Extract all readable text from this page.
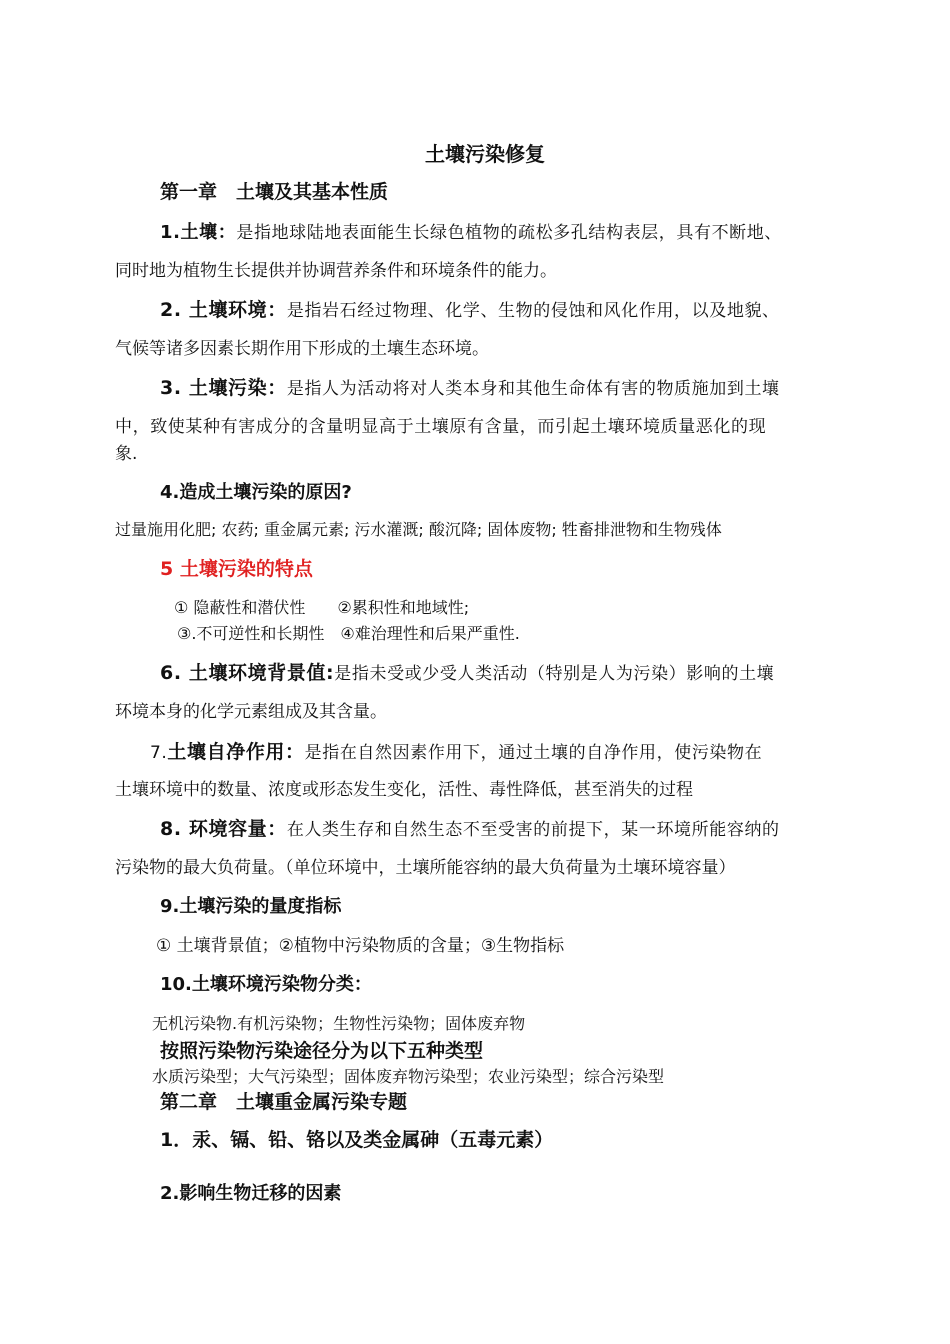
土壤污染修复
第一章　土壤及其基本性质
1.土壤：是指地球陆地表面能生长绿色植物的疏松多孔结构表层，具有不断地、
同时地为植物生长提供并协调营养条件和环境条件的能力。
2. 土壤环境：是指岩石经过物理、化学、生物的侵蚀和风化作用，以及地貌、
气候等诸多因素长期作用下形成的土壤生态环境。
3. 土壤污染：是指人为活动将对人类本身和其他生命体有害的物质施加到土壤
中，致使某种有害成分的含量明显高于土壤原有含量，而引起土壤环境质量恶化的现
象.
4.造成土壤污染的原因?
过量施用化肥; 农药; 重金属元素; 污水灌溉; 酸沉降; 固体废物; 牲畜排泄物和生物残体
5 土壤污染的特点
① 隐蔽性和潜伏性　　②累积性和地域性;
③.不可逆性和长期性　④难治理性和后果严重性.
6. 土壤环境背景值:是指未受或少受人类活动（特别是人为污染）影响的土壤
环境本身的化学元素组成及其含量。
7.土壤自净作用：是指在自然因素作用下，通过土壤的自净作用，使污染物在
土壤环境中的数量、浓度或形态发生变化，活性、毒性降低，甚至消失的过程
8. 环境容量：在人类生存和自然生态不至受害的前提下，某一环境所能容纳的
污染物的最大负荷量。（单位环境中，土壤所能容纳的最大负荷量为土壤环境容量）
9.土壤污染的量度指标
① 土壤背景值；②植物中污染物质的含量；③生物指标
10.土壤环境污染物分类：
无机污染物.有机污染物；生物性污染物；固体废弃物
按照污染物污染途径分为以下五种类型
水质污染型；大气污染型；固体废弃物污染型；农业污染型；综合污染型
第二章　土壤重金属污染专题
1．汞、镉、铅、铬以及类金属砷（五毒元素）
2.影响生物迁移的因素
